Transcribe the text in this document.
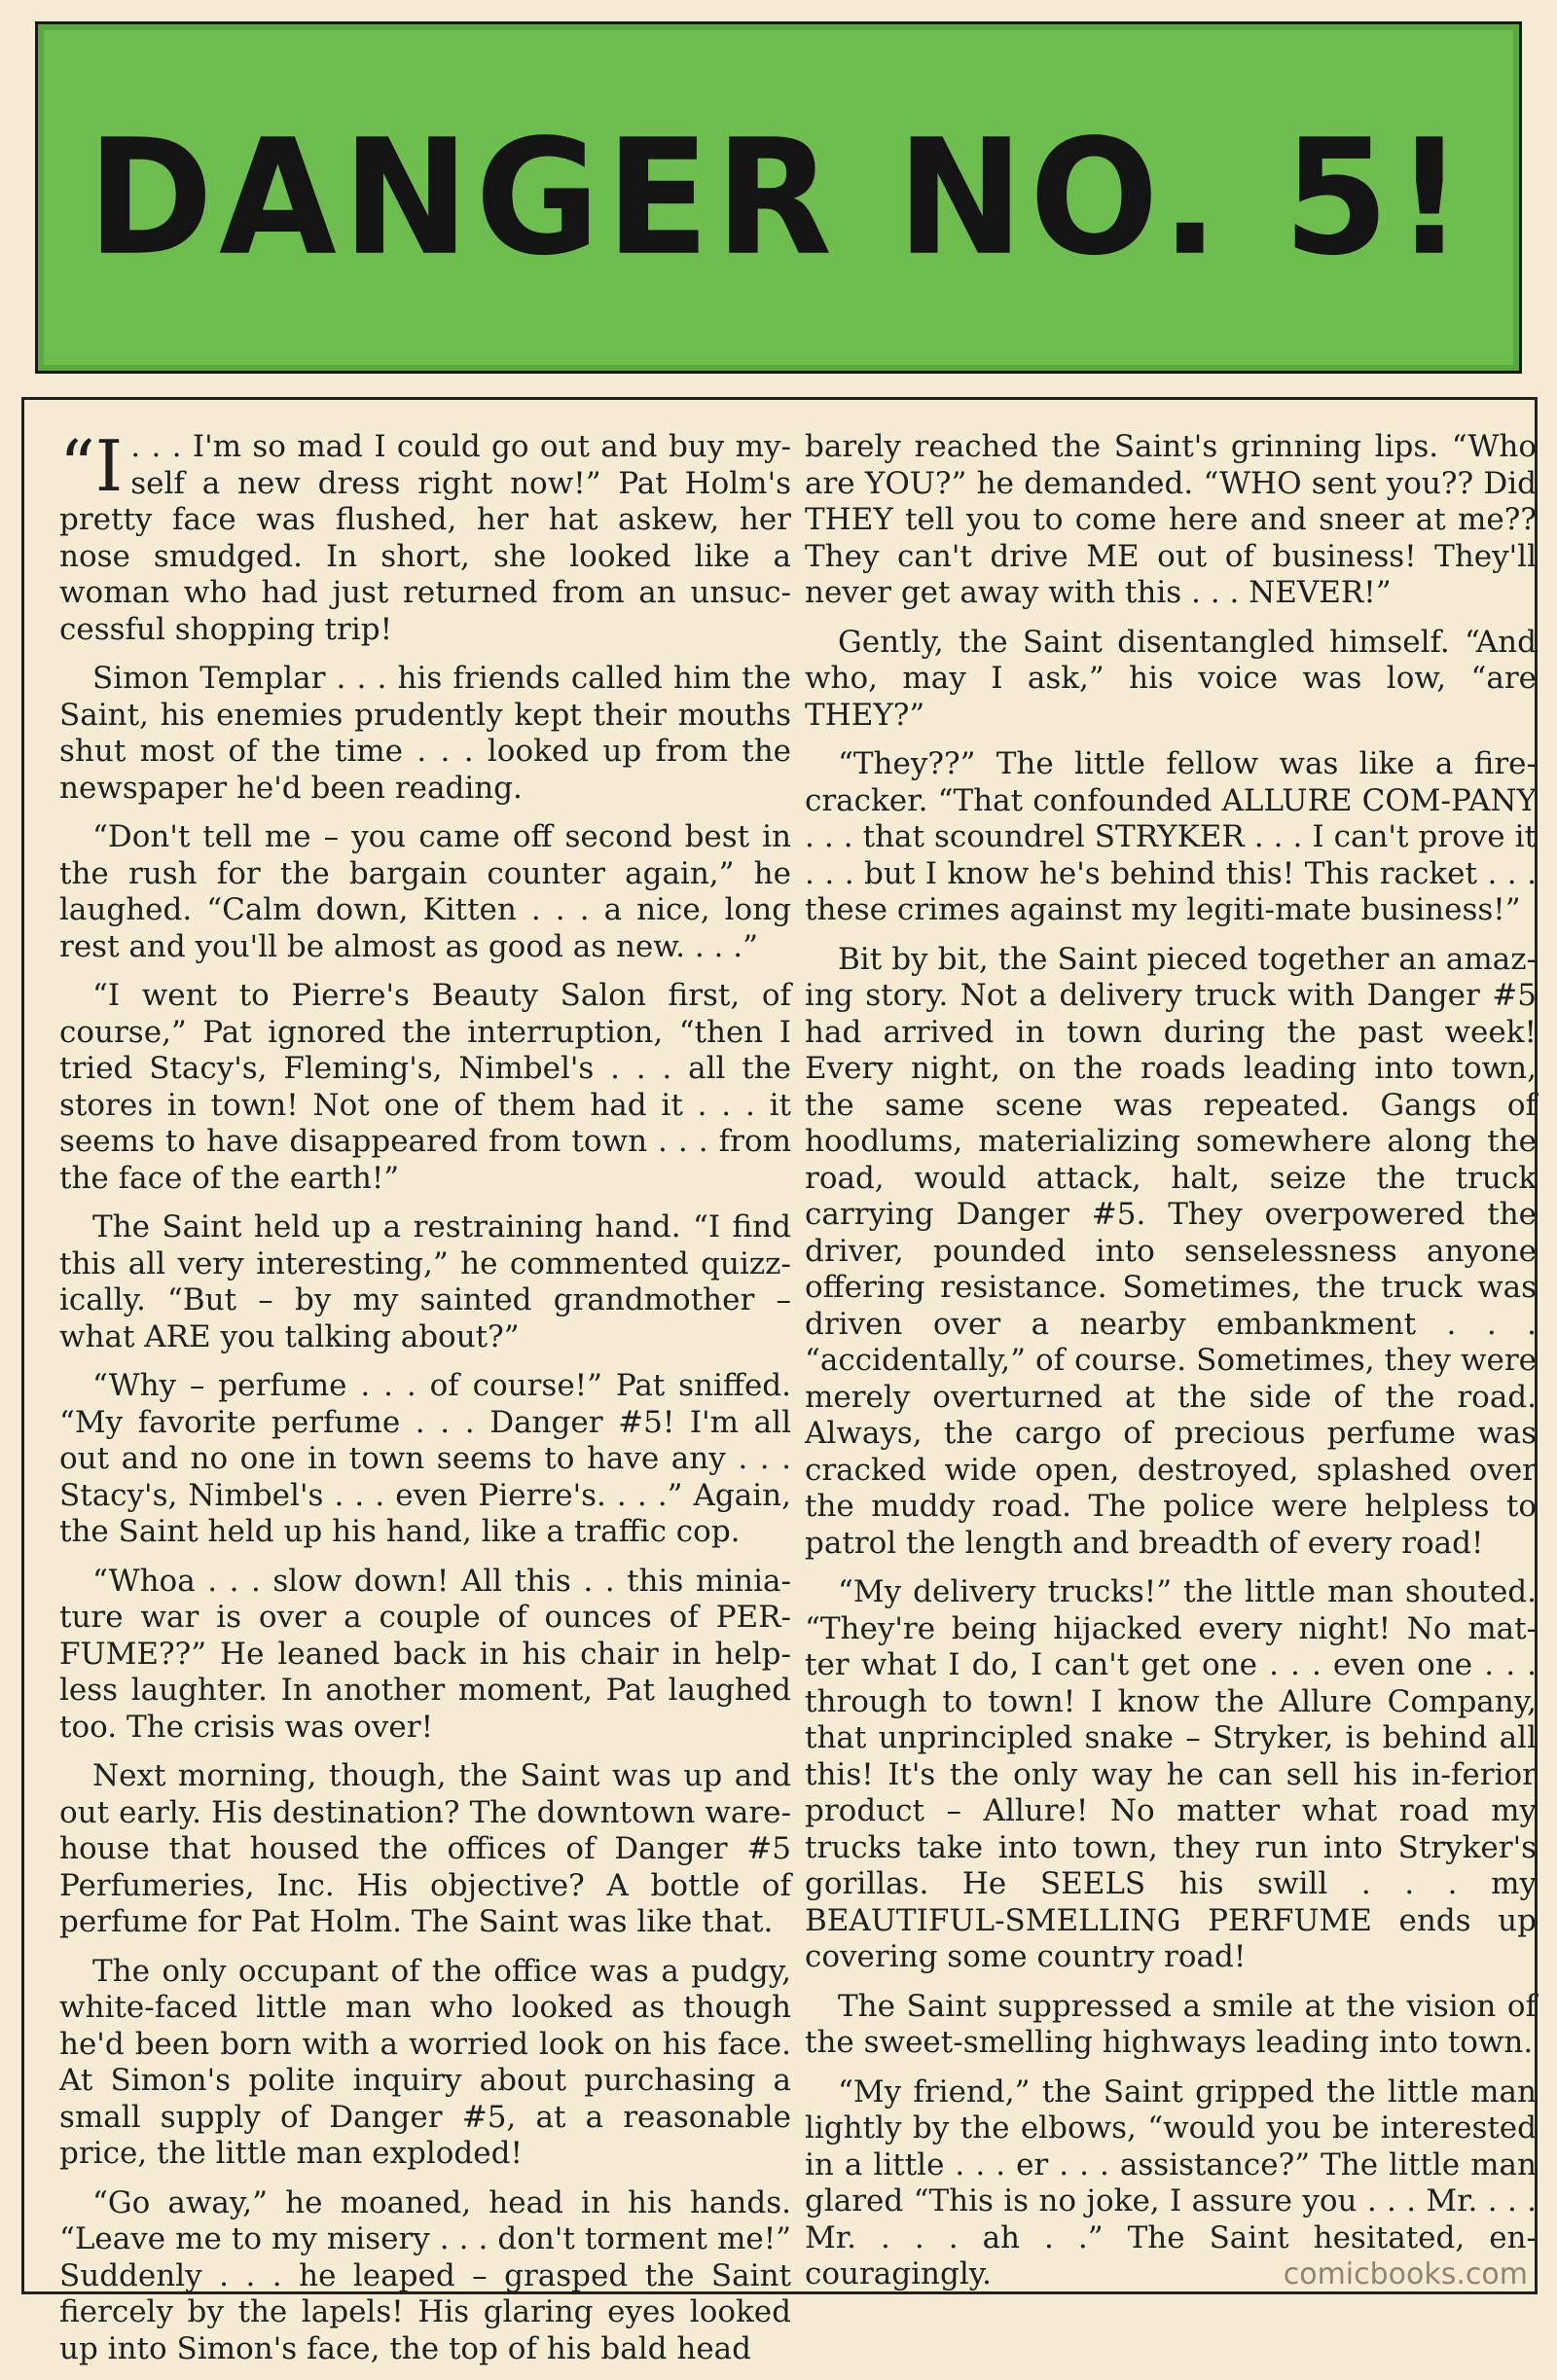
DANGER NO. 5!

“I. . . I'm so mad I could go out and buy my-self a new dress right now!” Pat Holm's pretty face was flushed, her hat askew, her nose smudged. In short, she looked like a woman who had just returned from an unsuc-cessful shopping trip!

Simon Templar . . . his friends called him the Saint, his enemies prudently kept their mouths shut most of the time . . . looked up from the newspaper he'd been reading.

“Don't tell me – you came off second best in the rush for the bargain counter again,” he laughed. “Calm down, Kitten . . . a nice, long rest and you'll be almost as good as new. . . .”

“I went to Pierre's Beauty Salon first, of course,” Pat ignored the interruption, “then I tried Stacy's, Fleming's, Nimbel's . . . all the stores in town! Not one of them had it . . . it seems to have disappeared from town . . . from the face of the earth!”

The Saint held up a restraining hand. “I find this all very interesting,” he commented quizz-ically. “But – by my sainted grandmother – what ARE you talking about?”

“Why – perfume . . . of course!” Pat sniffed. “My favorite perfume . . . Danger #5! I'm all out and no one in town seems to have any . . . Stacy's, Nimbel's . . . even Pierre's. . . .” Again, the Saint held up his hand, like a traffic cop.

“Whoa . . . slow down! All this . . this minia-ture war is over a couple of ounces of PER-FUME??” He leaned back in his chair in help-less laughter. In another moment, Pat laughed too. The crisis was over!

Next morning, though, the Saint was up and out early. His destination? The downtown ware-house that housed the offices of Danger #5 Perfumeries, Inc. His objective? A bottle of perfume for Pat Holm. The Saint was like that.

The only occupant of the office was a pudgy, white-faced little man who looked as though he'd been born with a worried look on his face. At Simon's polite inquiry about purchasing a small supply of Danger #5, at a reasonable price, the little man exploded!

“Go away,” he moaned, head in his hands. “Leave me to my misery . . . don't torment me!” Suddenly . . . he leaped – grasped the Saint fiercely by the lapels! His glaring eyes looked up into Simon's face, the top of his bald head

barely reached the Saint's grinning lips. “Who are YOU?” he demanded. “WHO sent you?? Did THEY tell you to come here and sneer at me?? They can't drive ME out of business! They'll never get away with this . . . NEVER!”

Gently, the Saint disentangled himself. “And who, may I ask,” his voice was low, “are THEY?”

“They??” The little fellow was like a fire-cracker. “That confounded ALLURE COM-PANY . . . that scoundrel STRYKER . . . I can't prove it . . . but I know he's behind this! This racket . . . these crimes against my legiti-mate business!”

Bit by bit, the Saint pieced together an amaz-ing story. Not a delivery truck with Danger #5 had arrived in town during the past week! Every night, on the roads leading into town, the same scene was repeated. Gangs of hoodlums, materializing somewhere along the road, would attack, halt, seize the truck carrying Danger #5. They overpowered the driver, pounded into senselessness anyone offering resistance. Sometimes, the truck was driven over a nearby embankment . . . “accidentally,” of course. Sometimes, they were merely overturned at the side of the road. Always, the cargo of precious perfume was cracked wide open, destroyed, splashed over the muddy road. The police were helpless to patrol the length and breadth of every road!

“My delivery trucks!” the little man shouted. “They're being hijacked every night! No mat-ter what I do, I can't get one . . . even one . . . through to town! I know the Allure Company, that unprincipled snake – Stryker, is behind all this! It's the only way he can sell his in-ferior product – Allure! No matter what road my trucks take into town, they run into Stryker's gorillas. He SEELS his swill . . . my BEAUTIFUL-SMELLING PERFUME ends up covering some country road!

The Saint suppressed a smile at the vision of the sweet-smelling highways leading into town.

“My friend,” the Saint gripped the little man lightly by the elbows, “would you be interested in a little . . . er . . . assistance?” The little man glared “This is no joke, I assure you . . . Mr. . . . Mr. . . . ah . .” The Saint hesitated, en-couragingly.	comicbooks.com
